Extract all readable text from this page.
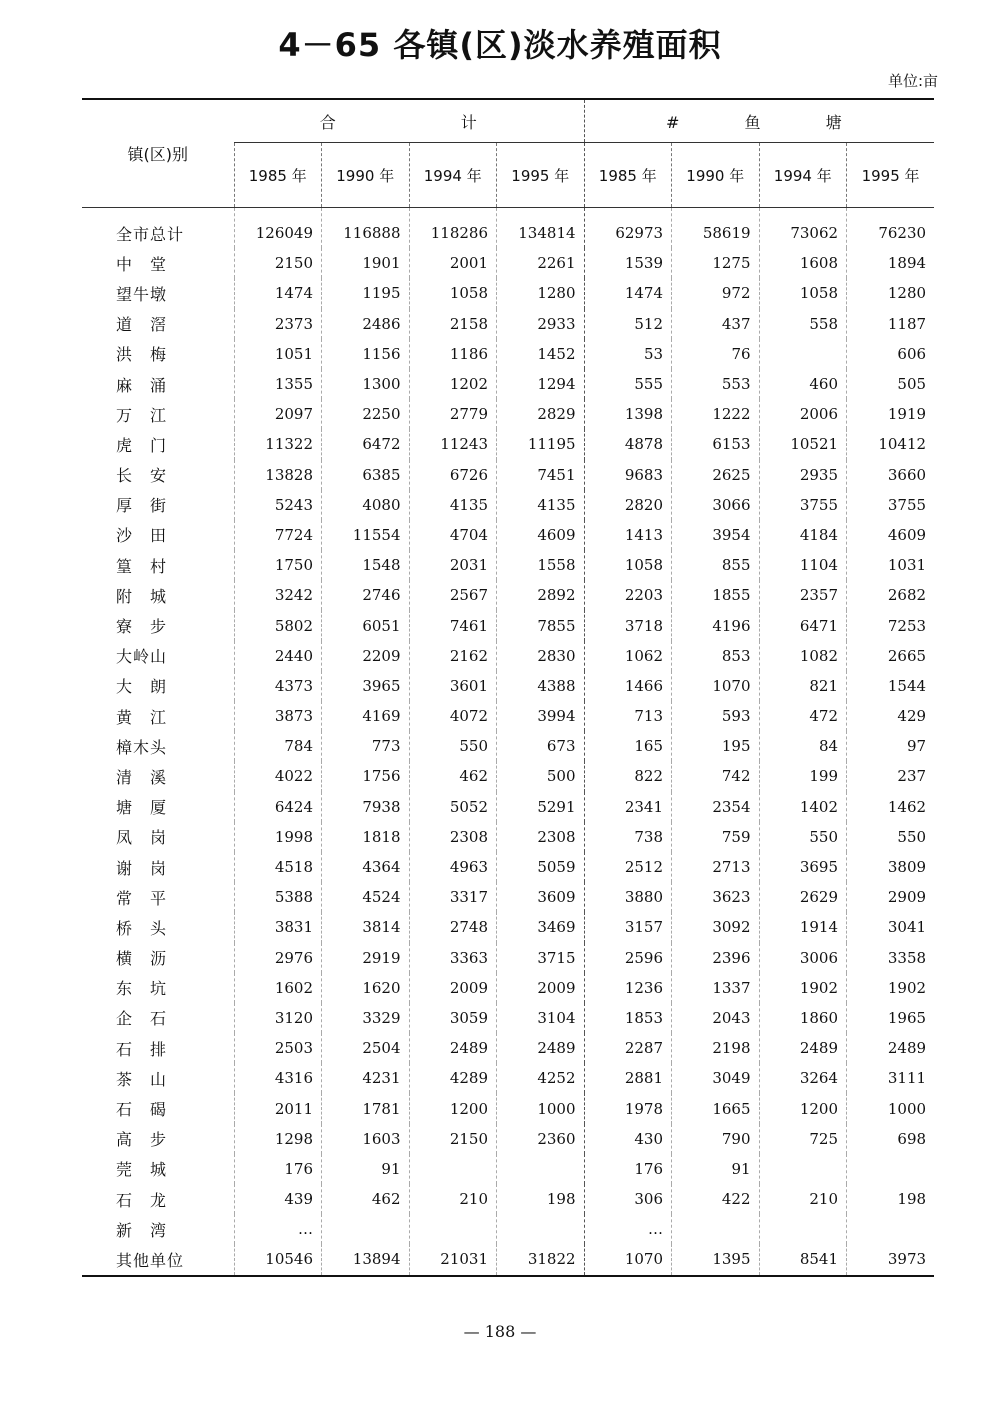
4－65 各镇(区)淡水养殖面积
单位:亩
镇(区)别	合 计				# 鱼 塘			
	1985 年	1990 年	1994 年	1995 年	1985 年	1990 年	1994 年	1995 年
全市总计	126049	116888	118286	134814	62973	58619	73062	76230
中　堂	2150	1901	2001	2261	1539	1275	1608	1894
望牛墩	1474	1195	1058	1280	1474	972	1058	1280
道　滘	2373	2486	2158	2933	512	437	558	1187
洪　梅	1051	1156	1186	1452	53	76		606
麻　涌	1355	1300	1202	1294	555	553	460	505
万　江	2097	2250	2779	2829	1398	1222	2006	1919
虎　门	11322	6472	11243	11195	4878	6153	10521	10412
长　安	13828	6385	6726	7451	9683	2625	2935	3660
厚　街	5243	4080	4135	4135	2820	3066	3755	3755
沙　田	7724	11554	4704	4609	1413	3954	4184	4609
篁　村	1750	1548	2031	1558	1058	855	1104	1031
附　城	3242	2746	2567	2892	2203	1855	2357	2682
寮　步	5802	6051	7461	7855	3718	4196	6471	7253
大岭山	2440	2209	2162	2830	1062	853	1082	2665
大　朗	4373	3965	3601	4388	1466	1070	821	1544
黄　江	3873	4169	4072	3994	713	593	472	429
樟木头	784	773	550	673	165	195	84	97
清　溪	4022	1756	462	500	822	742	199	237
塘　厦	6424	7938	5052	5291	2341	2354	1402	1462
凤　岗	1998	1818	2308	2308	738	759	550	550
谢　岗	4518	4364	4963	5059	2512	2713	3695	3809
常　平	5388	4524	3317	3609	3880	3623	2629	2909
桥　头	3831	3814	2748	3469	3157	3092	1914	3041
横　沥	2976	2919	3363	3715	2596	2396	3006	3358
东　坑	1602	1620	2009	2009	1236	1337	1902	1902
企　石	3120	3329	3059	3104	1853	2043	1860	1965
石　排	2503	2504	2489	2489	2287	2198	2489	2489
茶　山	4316	4231	4289	4252	2881	3049	3264	3111
石　碣	2011	1781	1200	1000	1978	1665	1200	1000
高　步	1298	1603	2150	2360	430	790	725	698
莞　城	176	91			176	91		
石　龙	439	462	210	198	306	422	210	198
新　湾	…				…			
其他单位	10546	13894	21031	31822	1070	1395	8541	3973
— 188 —
